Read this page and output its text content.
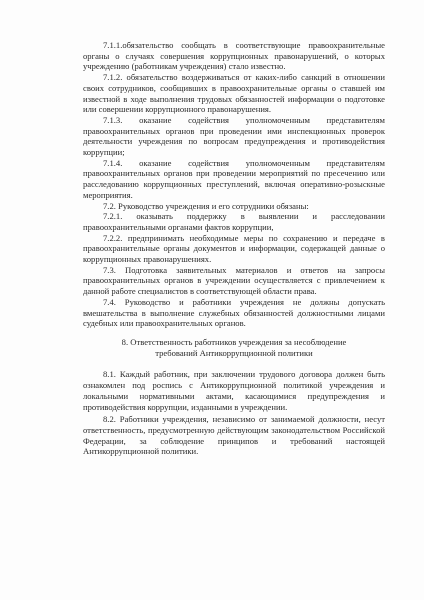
7.1.1.обязательство сообщать в соответствующие правоохранительные органы о случаях совершения коррупционных правонарушений, о которых учреждению (работникам учреждения) стало известно.

7.1.2. обязательство воздерживаться от каких-либо санкций в отношении своих сотрудников, сообщивших в правоохранительные органы о ставшей им известной в ходе выполнения трудовых обязанностей информации о подготовке или совершении коррупционного правонарушения.

7.1.3. оказание содействия уполномоченным представителям правоохранительных органов при проведении ими инспекционных проверок деятельности учреждения по вопросам предупреждения и противодействия коррупции;

7.1.4. оказание содействия уполномоченным представителям правоохранительных органов при проведении мероприятий по пресечению или расследованию коррупционных преступлений, включая оперативно-розыскные мероприятия.

7.2. Руководство учреждения и его сотрудники обязаны:

7.2.1. оказывать поддержку в выявлении и расследовании правоохранительными органами фактов коррупции,

7.2.2. предпринимать необходимые меры по сохранению и передаче в правоохранительные органы документов и информации, содержащей данные о коррупционных правонарушениях.

7.3. Подготовка заявительных материалов и ответов на запросы правоохранительных органов в учреждении осуществляется с привлечением к данной работе специалистов в соответствующей области права.

7.4. Руководство и работники учреждения не должны допускать вмешательства в выполнение служебных обязанностей должностными лицами судебных или правоохранительных органов.

8. Ответственность работников учреждения за несоблюдение
требований Антикоррупционной политики

8.1. Каждый работник, при заключении трудового договора должен быть ознакомлен под роспись с Антикоррупционной политикой учреждения и локальными нормативными актами, касающимися предупреждения и противодействия коррупции, изданными в учреждении.

8.2. Работники учреждения, независимо от занимаемой должности, несут ответственность, предусмотренную действующим законодательством Российской Федерации, за соблюдение принципов и требований настоящей Антикоррупционной политики.
